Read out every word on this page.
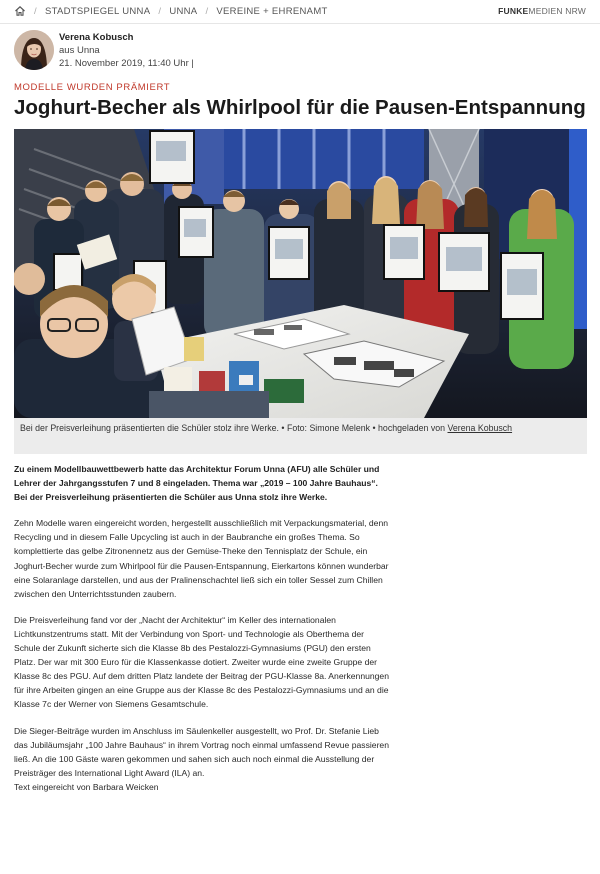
/ STADTSPIEGEL UNNA / UNNA / VEREINE + EHRENAMT	FUNKEMEDIEN NRW
Verena Kobusch
aus Unna
21. November 2019, 11:40 Uhr |
MODELLE WURDEN PRÄMIERT
Joghurt-Becher als Whirlpool für die Pausen-Entspannung
Bei der Preisverleihung präsentierten die Schüler stolz ihre Werke. • Foto: Simone Melenk • hochgeladen von Verena Kobusch

Zu einem Modellbauwettbewerb hatte das Architektur Forum Unna (AFU) alle Schüler und Lehrer der Jahrgangsstufen 7 und 8 eingeladen. Thema war „2019 – 100 Jahre Bauhaus“. Bei der Preisverleihung präsentierten die Schüler aus Unna stolz ihre Werke.

Zehn Modelle waren eingereicht worden, hergestellt ausschließlich mit Verpackungsmaterial, denn Recycling und in diesem Falle Upcycling ist auch in der Baubranche ein großes Thema. So komplettierte das gelbe Zitronennetz aus der Gemüse-Theke den Tennisplatz der Schule, ein Joghurt-Becher wurde zum Whirlpool für die Pausen-Entspannung, Eierkartons können wunderbar eine Solaranlage darstellen, und aus der Pralinenschachtel ließ sich ein toller Sessel zum Chillen zwischen den Unterrichtsstunden zaubern.

Die Preisverleihung fand vor der „Nacht der Architektur“ im Keller des internationalen Lichtkunstzentrums statt. Mit der Verbindung von Sport- und Technologie als Oberthema der Schule der Zukunft sicherte sich die Klasse 8b des Pestalozzi-Gymnasiums (PGU) den ersten Platz. Der war mit 300 Euro für die Klassenkasse dotiert. Zweiter wurde eine zweite Gruppe der Klasse 8c des PGU. Auf dem dritten Platz landete der Beitrag der PGU-Klasse 8a. Anerkennungen für ihre Arbeiten gingen an eine Gruppe aus der Klasse 8c des Pestalozzi-Gymnasiums und an die Klasse 7c der Werner von Siemens Gesamtschule.

Die Sieger-Beiträge wurden im Anschluss im Säulenkeller ausgestellt, wo Prof. Dr. Stefanie Lieb das Jubiläumsjahr „100 Jahre Bauhaus“ in ihrem Vortrag noch einmal umfassend Revue passieren ließ. An die 100 Gäste waren gekommen und sahen sich auch noch einmal die Ausstellung der Preisträger des International Light Award (ILA) an.

Text eingereicht von Barbara Weicken
